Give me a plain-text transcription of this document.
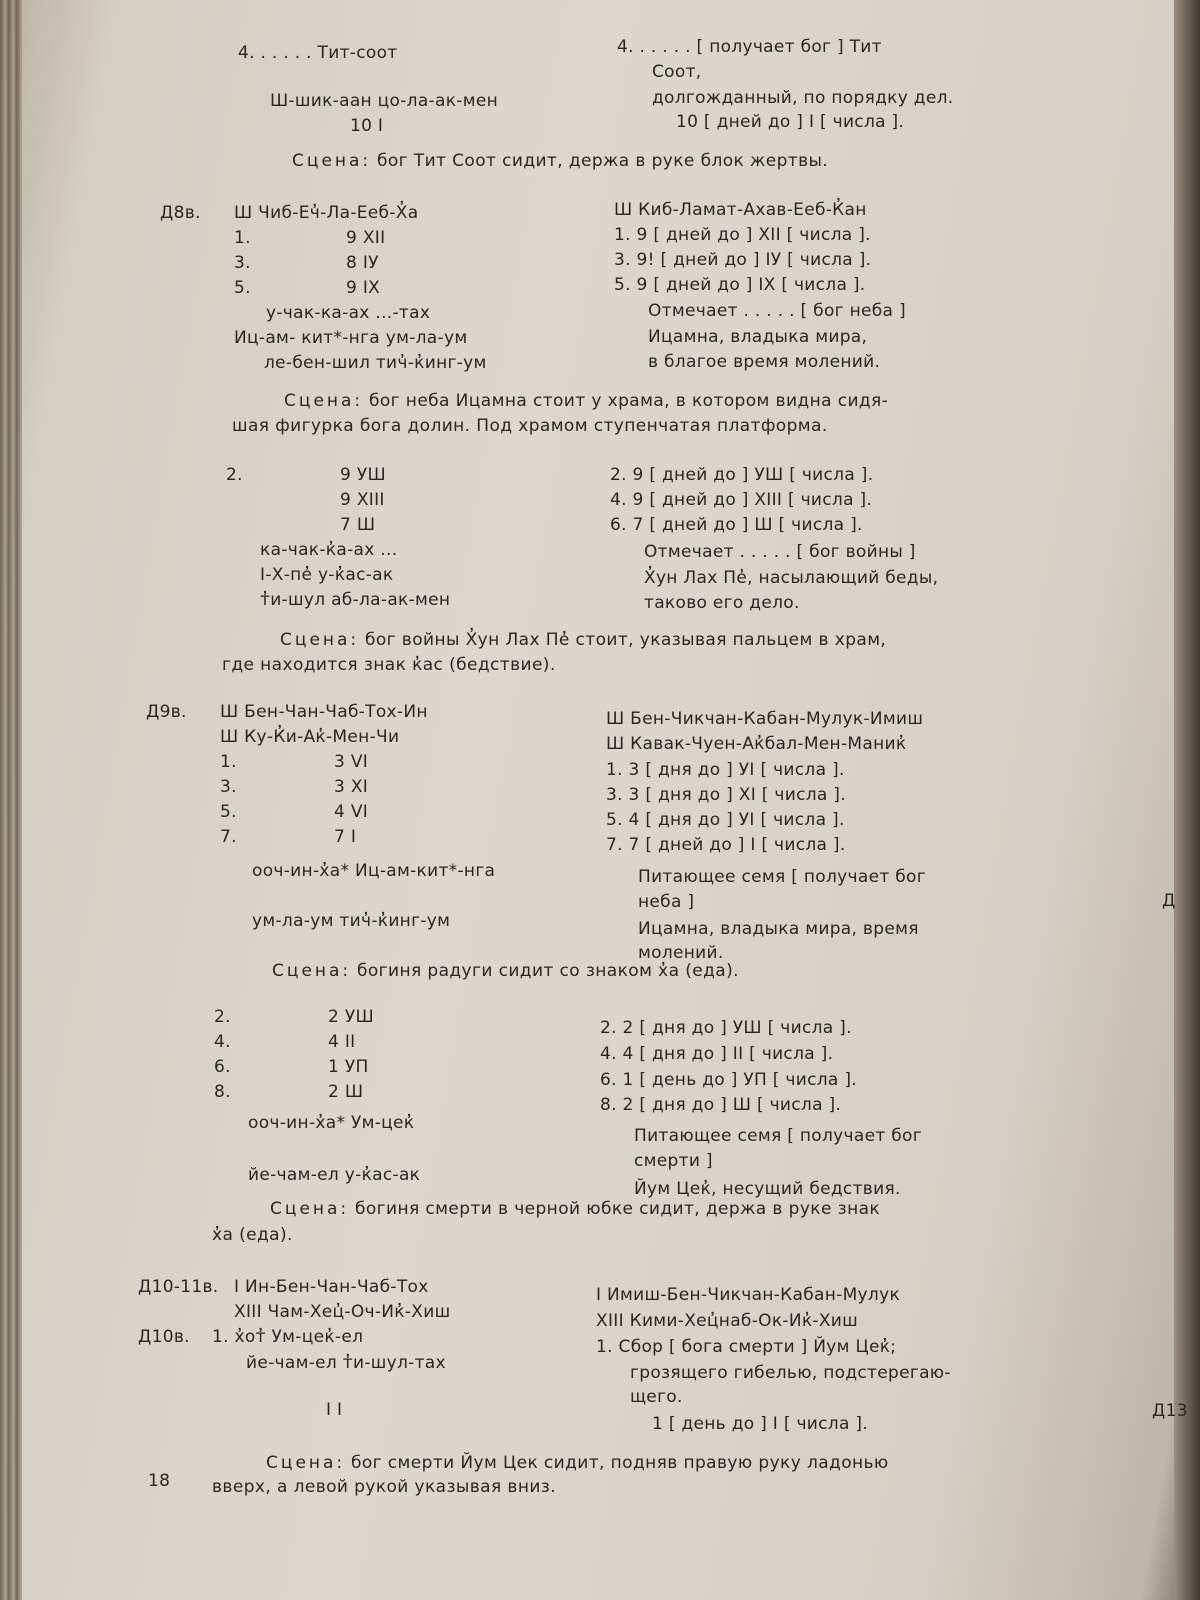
4. . . . . . Тит-соот
Ш-шик-аан цо-ла-ак-мен
10 I
4. . . . . . [ получает бог ] Тит
Соот,
долгожданный, по порядку дел.
10 [ дней до ] I [ числа ].
Сцена: бог Тит Соот сидит, держа в руке блок жертвы.
Д8в. Ш Чиб-Еч̓-Ла-Ееб-Х̓а
1.	9 XII
3.	8 IУ
5.	9 IX
у-чак-ка-ах ...-тах
Иц-ам- кит*-нга ум-ла-ум
ле-бен-шил тич̓-к̓инг-ум
Ш Киб-Ламат-Ахав-Ееб-К̓ан
1. 9 [ дней до ] XII [ числа ].
3. 9! [ дней до ] IУ [ числа ].
5. 9 [ дней до ] IX [ числа ].
Отмечает . . . . . [ бог неба ]
Ицамна, владыка мира,
в благое время молений.
Сцена: бог неба Ицамна стоит у храма, в котором видна сидя-
шая фигурка бога долин. Под храмом ступенчатая платформа.
2.	9 УШ
9 XIII
7 Ш
ка-чак-к̓а-ах ...
I-Х-пе̓ у-к̓ас-ак
т̓и-шул аб-ла-ак-мен
2. 9 [ дней до ] УШ [ числа ].
4. 9 [ дней до ] XIII [ числа ].
6. 7 [ дней до ] Ш [ числа ].
Отмечает . . . . . [ бог войны ]
Х̓ун Лах Пе̓, насылающий беды,
таково его дело.
Сцена: бог войны Х̓ун Лах Пе̓ стоит, указывая пальцем в храм,
где находится знак к̓ас (бедствие).
Д9в. Ш Бен-Чан-Чаб-Тох-Ин
Ш Ку-К̓и-Ак̓-Мен-Чи
1.	3 VI
3.	3 XI
5.	4 VI
7.	7 I
ооч-ин-х̓а* Иц-ам-кит*-нга
ум-ла-ум тич̓-к̓инг-ум
Ш Бен-Чикчан-Кабан-Мулук-Имиш
Ш Кавак-Чуен-Ак̓бал-Мен-Маник̓
1. 3 [ дня до ] УI [ числа ].
3. 3 [ дня до ] XI [ числа ].
5. 4 [ дня до ] УI [ числа ].
7. 7 [ дней до ] I [ числа ].
Питающее семя [ получает бог
неба ]
Ицамна, владыка мира, время
молений.
Сцена: богиня радуги сидит со знаком х̓а (еда).
2.	2 УШ
4.	4 II
6.	1 УП
8.	2 Ш
ооч-ин-х̓а* Ум-цек̓
йе-чам-ел у-к̓ас-ак
2. 2 [ дня до ] УШ [ числа ].
4. 4 [ дня до ] II [ числа ].
6. 1 [ день до ] УП [ числа ].
8. 2 [ дня до ] Ш [ числа ].
Питающее семя [ получает бог
смерти ]
Йум Цек̓, несущий бедствия.
Сцена: богиня смерти в черной юбке сидит, держа в руке знак
х̓а (еда).
Д10-11в.
Д10в.
I Ин-Бен-Чан-Чаб-Тох
XIII Чам-Хец̓-Оч-Ик̓-Хиш
1. х̓от̓ Ум-цек̓-ел
йе-чам-ел т̓и-шул-тах
I I
I Имиш-Бен-Чикчан-Кабан-Мулук
XIII Кими-Хец̓наб-Ок-Ик̓-Хиш
1. Сбор [ бога смерти ] Йум Цек̓;
грозящего гибелью, подстерегаю-
щего.
1 [ день до ] I [ числа ].
Сцена: бог смерти Йум Цек сидит, подняв правую руку ладонью
вверх, а левой рукой указывая вниз.
18
Д
Д13
